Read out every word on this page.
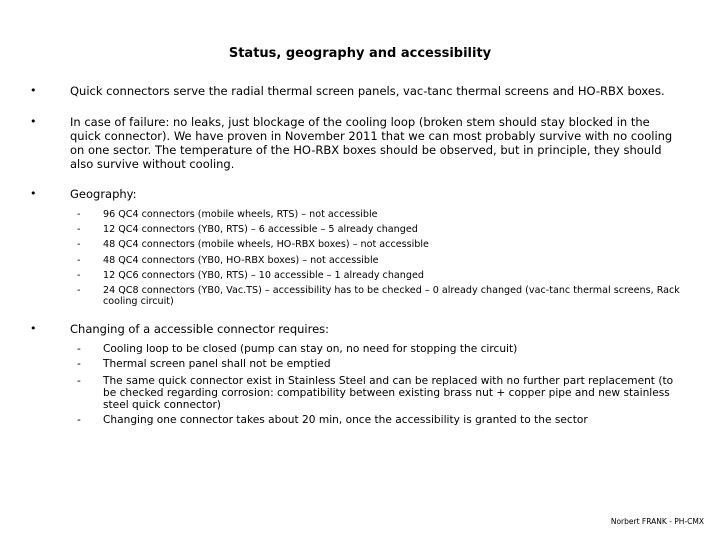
Status, geography and accessibility
•	Quick connectors serve the radial thermal screen panels, vac-tanc thermal screens and HO-RBX boxes.
•	In case of failure: no leaks, just blockage of the cooling loop (broken stem should stay blocked in the quick connector). We have proven in November 2011 that we can most probably survive with no cooling on one sector. The temperature of the HO-RBX boxes should be observed, but in principle, they should also survive without cooling.
•	Geography:
- 96 QC4 connectors (mobile wheels, RTS) – not accessible
- 12 QC4 connectors (YB0, RTS) – 6 accessible – 5 already changed
- 48 QC4 connectors (mobile wheels, HO-RBX boxes) – not accessible
- 48 QC4 connectors (YB0, HO-RBX boxes) – not accessible
- 12 QC6 connectors (YB0, RTS) – 10 accessible – 1 already changed
- 24 QC8 connectors (YB0, Vac.TS) – accessibility has to be checked – 0 already changed (vac-tanc thermal screens, Rack cooling circuit)
•	Changing of a accessible connector requires:
- Cooling loop to be closed (pump can stay on, no need for stopping the circuit)
- Thermal screen panel shall not be emptied
- The same quick connector exist in Stainless Steel and can be replaced with no further part replacement (to be checked regarding corrosion: compatibility between existing brass nut + copper pipe and new stainless steel quick connector)
- Changing one connector takes about 20 min, once the accessibility is granted to the sector
Norbert FRANK - PH-CMX
